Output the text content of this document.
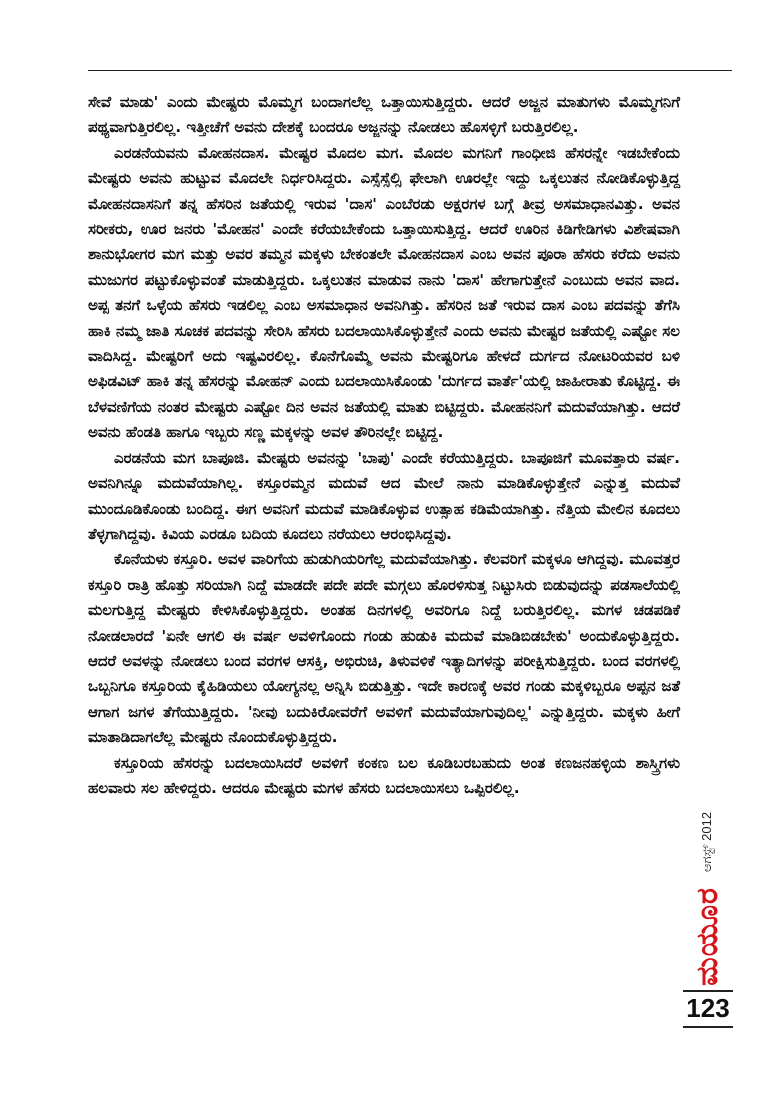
ಸೇವೆ ಮಾಡು' ಎಂದು ಮೇಷ್ಟರು ಮೊಮ್ಮಗ ಬಂದಾಗಲೆಲ್ಲ ಒತ್ತಾಯಿಸುತ್ತಿದ್ದರು. ಆದರೆ ಅಜ್ಜನ ಮಾತುಗಳು ಮೊಮ್ಮಗನಿಗೆ ಪಥ್ಯವಾಗುತ್ತಿರಲಿಲ್ಲ. ಇತ್ತೀಚೆಗೆ ಅವನು ದೇಶಕ್ಕೆ ಬಂದರೂ ಅಜ್ಜನನ್ನು ನೋಡಲು ಹೊಸಳ್ಳಿಗೆ ಬರುತ್ತಿರಲಿಲ್ಲ.

ಎರಡನೆಯವನು ಮೋಹನದಾಸ. ಮೇಷ್ಟರ ಮೊದಲ ಮಗ. ಮೊದಲ ಮಗನಿಗೆ ಗಾಂಧೀಜಿ ಹೆಸರನ್ನೇ ಇಡಬೇಕೆಂದು ಮೇಷ್ಟರು ಅವನು ಹುಟ್ಟುವ ಮೊದಲೇ ನಿರ್ಧರಿಸಿದ್ದರು. ಎಸ್ಸೆಸ್ಸೆಲ್ಸಿ ಫೇಲಾಗಿ ಊರಲ್ಲೇ ಇದ್ದು ಒಕ್ಕಲುತನ ನೋಡಿಕೊಳ್ಳುತ್ತಿದ್ದ ಮೋಹನದಾಸನಿಗೆ ತನ್ನ ಹೆಸರಿನ ಜತೆಯಲ್ಲಿ ಇರುವ 'ದಾಸ' ಎಂಬೆರಡು ಅಕ್ಷರಗಳ ಬಗ್ಗೆ ತೀವ್ರ ಅಸಮಾಧಾನವಿತ್ತು. ಅವನ ಸರೀಕರು, ಊರ ಜನರು 'ಮೋಹನ' ಎಂದೇ ಕರೆಯಬೇಕೆಂದು ಒತ್ತಾಯಿಸುತ್ತಿದ್ದ. ಆದರೆ ಊರಿನ ಕಿಡಿಗೇಡಿಗಳು ವಿಶೇಷವಾಗಿ ಶಾನುಭೋಗರ ಮಗ ಮತ್ತು ಅವರ ತಮ್ಮನ ಮಕ್ಕಳು ಬೇಕಂತಲೇ ಮೋಹನದಾಸ ಎಂಬ ಅವನ ಪೂರಾ ಹೆಸರು ಕರೆದು ಅವನು ಮುಜುಗರ ಪಟ್ಟುಕೊಳ್ಳುವಂತೆ ಮಾಡುತ್ತಿದ್ದರು. ಒಕ್ಕಲುತನ ಮಾಡುವ ನಾನು 'ದಾಸ' ಹೇಗಾಗುತ್ತೇನೆ ಎಂಬುದು ಅವನ ವಾದ. ಅಪ್ಪ ತನಗೆ ಒಳ್ಳೆಯ ಹೆಸರು ಇಡಲಿಲ್ಲ ಎಂಬ ಅಸಮಾಧಾನ ಅವನಿಗಿತ್ತು. ಹೆಸರಿನ ಜತೆ ಇರುವ ದಾಸ ಎಂಬ ಪದವನ್ನು ತೆಗೆಸಿ ಹಾಕಿ ನಮ್ಮ ಜಾತಿ ಸೂಚಕ ಪದವನ್ನು ಸೇರಿಸಿ ಹೆಸರು ಬದಲಾಯಿಸಿಕೊಳ್ಳುತ್ತೇನೆ ಎಂದು ಅವನು ಮೇಷ್ಟರ ಜತೆಯಲ್ಲಿ ಎಷ್ಟೋ ಸಲ ವಾದಿಸಿದ್ದ. ಮೇಷ್ಟರಿಗೆ ಅದು ಇಷ್ಟವಿರಲಿಲ್ಲ. ಕೊನೆಗೊಮ್ಮೆ ಅವನು ಮೇಷ್ಟರಿಗೂ ಹೇಳದೆ ದುರ್ಗದ ನೋಟರಿಯವರ ಬಳಿ ಅಫಿಡವಿಟ್ ಹಾಕಿ ತನ್ನ ಹೆಸರನ್ನು ಮೋಹನ್ ಎಂದು ಬದಲಾಯಿಸಿಕೊಂಡು 'ದುರ್ಗದ ವಾರ್ತೆ'ಯಲ್ಲಿ ಜಾಹೀರಾತು ಕೊಟ್ಟಿದ್ದ. ಈ ಬೆಳವಣಿಗೆಯ ನಂತರ ಮೇಷ್ಟರು ಎಷ್ಟೋ ದಿನ ಅವನ ಜತೆಯಲ್ಲಿ ಮಾತು ಬಿಟ್ಟಿದ್ದರು. ಮೋಹನನಿಗೆ ಮದುವೆಯಾಗಿತ್ತು. ಆದರೆ ಅವನು ಹೆಂಡತಿ ಹಾಗೂ ಇಬ್ಬರು ಸಣ್ಣ ಮಕ್ಕಳನ್ನು ಅವಳ ತೌರಿನಲ್ಲೇ ಬಿಟ್ಟಿದ್ದ.

ಎರಡನೆಯ ಮಗ ಬಾಪೂಜಿ. ಮೇಷ್ಟರು ಅವನನ್ನು 'ಬಾಪು' ಎಂದೇ ಕರೆಯುತ್ತಿದ್ದರು. ಬಾಪೂಜಿಗೆ ಮೂವತ್ತಾರು ವರ್ಷ. ಅವನಿಗಿನ್ನೂ ಮದುವೆಯಾಗಿಲ್ಲ. ಕಸ್ತೂರಮ್ಮನ ಮದುವೆ ಆದ ಮೇಲೆ ನಾನು ಮಾಡಿಕೊಳ್ಳುತ್ತೇನೆ ಎನ್ನುತ್ತ ಮದುವೆ ಮುಂದೂಡಿಕೊಂಡು ಬಂದಿದ್ದ. ಈಗ ಅವನಿಗೆ ಮದುವೆ ಮಾಡಿಕೊಳ್ಳುವ ಉತ್ಸಾಹ ಕಡಿಮೆಯಾಗಿತ್ತು. ನೆತ್ತಿಯ ಮೇಲಿನ ಕೂದಲು ತೆಳ್ಳಗಾಗಿದ್ದವು. ಕಿವಿಯ ಎರಡೂ ಬದಿಯ ಕೂದಲು ನರೆಯಲು ಆರಂಭಿಸಿದ್ದವು.

ಕೊನೆಯಳು ಕಸ್ತೂರಿ. ಅವಳ ವಾರಿಗೆಯ ಹುಡುಗಿಯರಿಗೆಲ್ಲ ಮದುವೆಯಾಗಿತ್ತು. ಕೆಲವರಿಗೆ ಮಕ್ಕಳೂ ಆಗಿದ್ದವು. ಮೂವತ್ತರ ಕಸ್ತೂರಿ ರಾತ್ರಿ ಹೊತ್ತು ಸರಿಯಾಗಿ ನಿದ್ದೆ ಮಾಡದೇ ಪದೇ ಪದೇ ಮಗ್ಗಲು ಹೊರಳಿಸುತ್ತ ನಿಟ್ಟುಸಿರು ಬಿಡುವುದನ್ನು ಪಡಸಾಲೆಯಲ್ಲಿ ಮಲಗುತ್ತಿದ್ದ ಮೇಷ್ಟರು ಕೇಳಿಸಿಕೊಳ್ಳುತ್ತಿದ್ದರು. ಅಂತಹ ದಿನಗಳಲ್ಲಿ ಅವರಿಗೂ ನಿದ್ದೆ ಬರುತ್ತಿರಲಿಲ್ಲ. ಮಗಳ ಚಡಪಡಿಕೆ ನೋಡಲಾರದೆ 'ಏನೇ ಆಗಲಿ ಈ ವರ್ಷ ಅವಳಿಗೊಂದು ಗಂಡು ಹುಡುಕಿ ಮದುವೆ ಮಾಡಿಬಿಡಬೇಕು' ಅಂದುಕೊಳ್ಳುತ್ತಿದ್ದರು. ಆದರೆ ಅವಳನ್ನು ನೋಡಲು ಬಂದ ವರಗಳ ಆಸಕ್ತಿ, ಅಭಿರುಚಿ, ತಿಳುವಳಿಕೆ ಇತ್ಯಾದಿಗಳನ್ನು ಪರೀಕ್ಷಿಸುತ್ತಿದ್ದರು. ಬಂದ ವರಗಳಲ್ಲಿ ಒಬ್ಬನಿಗೂ ಕಸ್ತೂರಿಯ ಕೈಹಿಡಿಯಲು ಯೋಗ್ಯನಲ್ಲ ಅನ್ನಿಸಿ ಬಿಡುತ್ತಿತ್ತು. ಇದೇ ಕಾರಣಕ್ಕೆ ಅವರ ಗಂಡು ಮಕ್ಕಳಿಬ್ಬರೂ ಅಪ್ಪನ ಜತೆ ಆಗಾಗ ಜಗಳ ತೆಗೆಯುತ್ತಿದ್ದರು. 'ನೀವು ಬದುಕಿರೋವರೆಗೆ ಅವಳಿಗೆ ಮದುವೆಯಾಗುವುದಿಲ್ಲ' ಎನ್ನುತ್ತಿದ್ದರು. ಮಕ್ಕಳು ಹೀಗೆ ಮಾತಾಡಿದಾಗಲೆಲ್ಲ ಮೇಷ್ಟರು ನೊಂದುಕೊಳ್ಳುತ್ತಿದ್ದರು.

ಕಸ್ತೂರಿಯ ಹೆಸರನ್ನು ಬದಲಾಯಿಸಿದರೆ ಅವಳಿಗೆ ಕಂಕಣ ಬಲ ಕೂಡಿಬರಬಹುದು ಅಂತ ಕಣಜನಹಳ್ಳಿಯ ಶಾಸ್ತ್ರಿಗಳು ಹಲವಾರು ಸಲ ಹೇಳಿದ್ದರು. ಆದರೂ ಮೇಷ್ಟರು ಮಗಳ ಹೆಸರು ಬದಲಾಯಿಸಲು ಒಪ್ಪಿರಲಿಲ್ಲ.

ಆಗಸ್ಟ್ 2012
ಮಯೂರ
123
